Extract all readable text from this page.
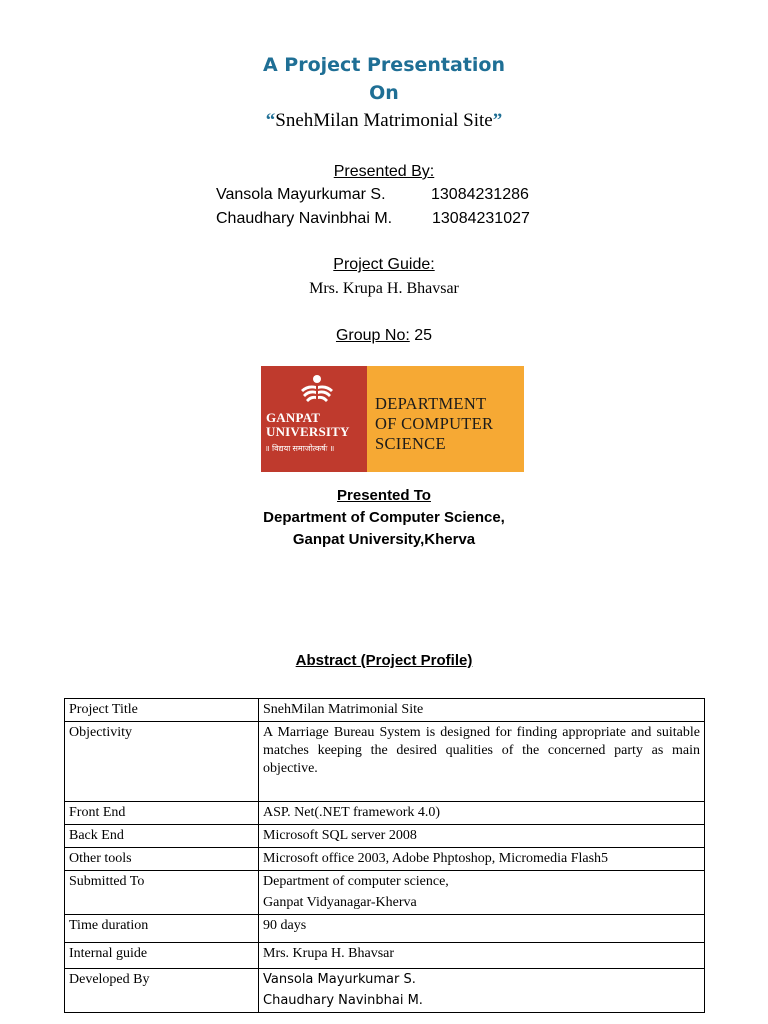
A Project Presentation
On
“SnehMilan Matrimonial Site”
Presented By:
Vansola Mayurkumar S.	13084231286
Chaudhary Navinbhai M. 13084231027
Project Guide:
Mrs. Krupa H. Bhavsar
Group No: 25
GANPAT
UNIVERSITY
॥ विद्यया समाजोत्कर्षः ॥
DEPARTMENT
OF COMPUTER
SCIENCE
Presented To
Department of Computer Science,
Ganpat University,Kherva
Abstract (Project Profile)
Project Title	SnehMilan Matrimonial Site
Objectivity	A Marriage Bureau System is designed for finding appropriate and suitable matches keeping the desired qualities of the concerned party as main objective.
Front End	ASP. Net(.NET framework 4.0)
Back End	Microsoft SQL server 2008
Other tools	Microsoft office 2003, Adobe Phptoshop, Micromedia Flash5
Submitted To	Department of computer science,
Ganpat Vidyanagar-Kherva

Time duration	90 days
Internal guide	Mrs. Krupa H. Bhavsar
Developed By	Vansola Mayurkumar S.
Chaudhary Navinbhai M.
